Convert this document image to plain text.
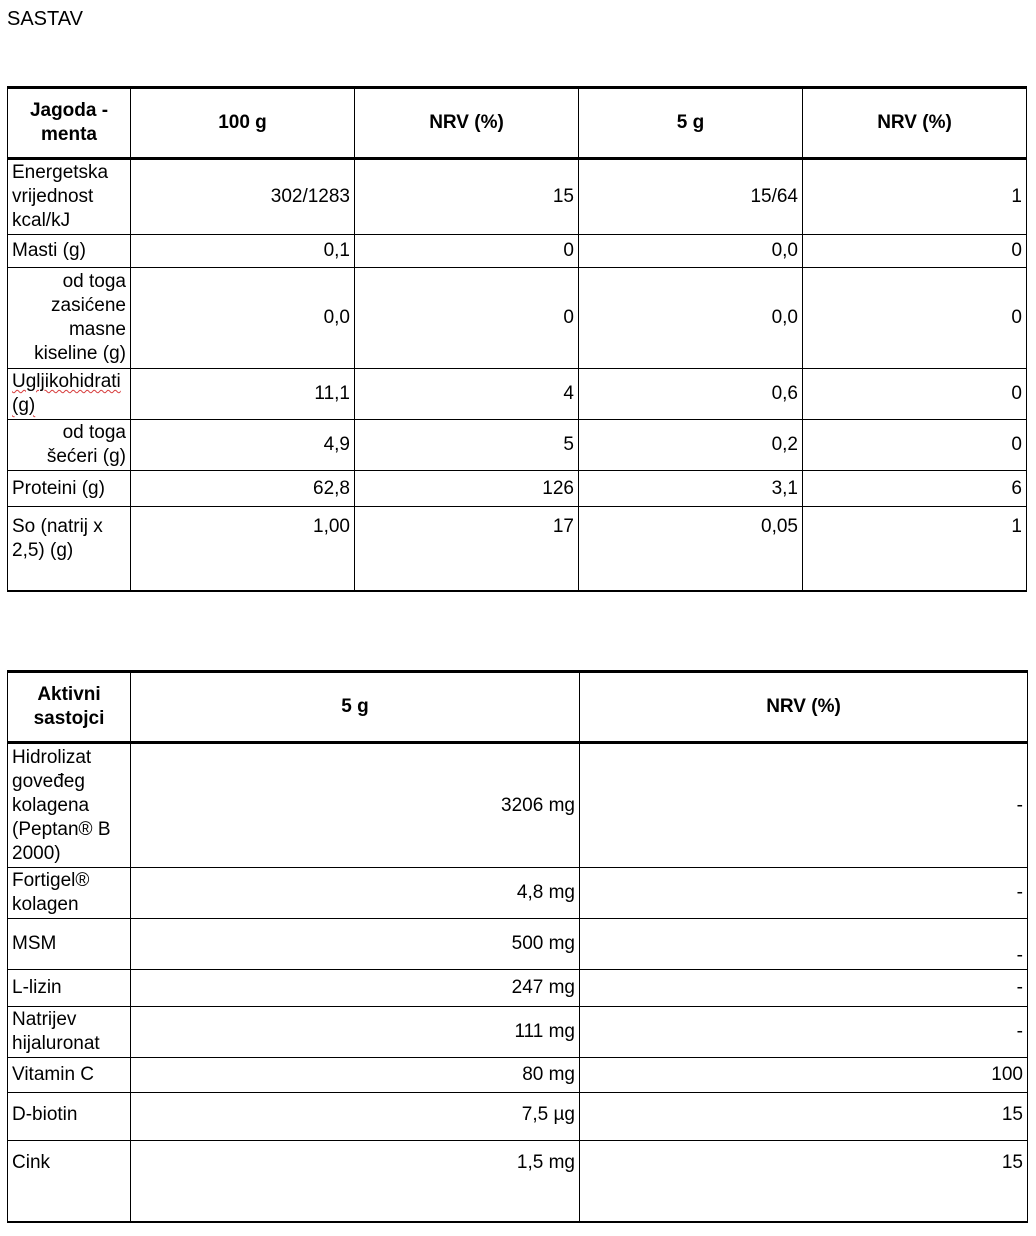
SASTAV
Jagoda - menta	100 g	NRV (%)	5 g	NRV (%)
Energetska vrijednost kcal/kJ	302/1283	15	15/64	1
Masti (g)	0,1	0	0,0	0
od toga zasićene masne kiseline (g)	0,0	0	0,0	0
Ugljikohidrati (g)	11,1	4	0,6	0
od toga šećeri (g)	4,9	5	0,2	0
Proteini (g)	62,8	126	3,1	6
So (natrij x 2,5) (g)	1,00	17	0,05	1
Aktivni sastojci	5 g	NRV (%)
Hidrolizat goveđeg kolagena (Peptan® B 2000)	3206 mg	-
Fortigel® kolagen	4,8 mg	-
MSM	500 mg	-
L-lizin	247 mg	-
Natrijev hijaluronat	111 mg	-
Vitamin C	80 mg	100
D-biotin	7,5 µg	15
Cink	1,5 mg	15
